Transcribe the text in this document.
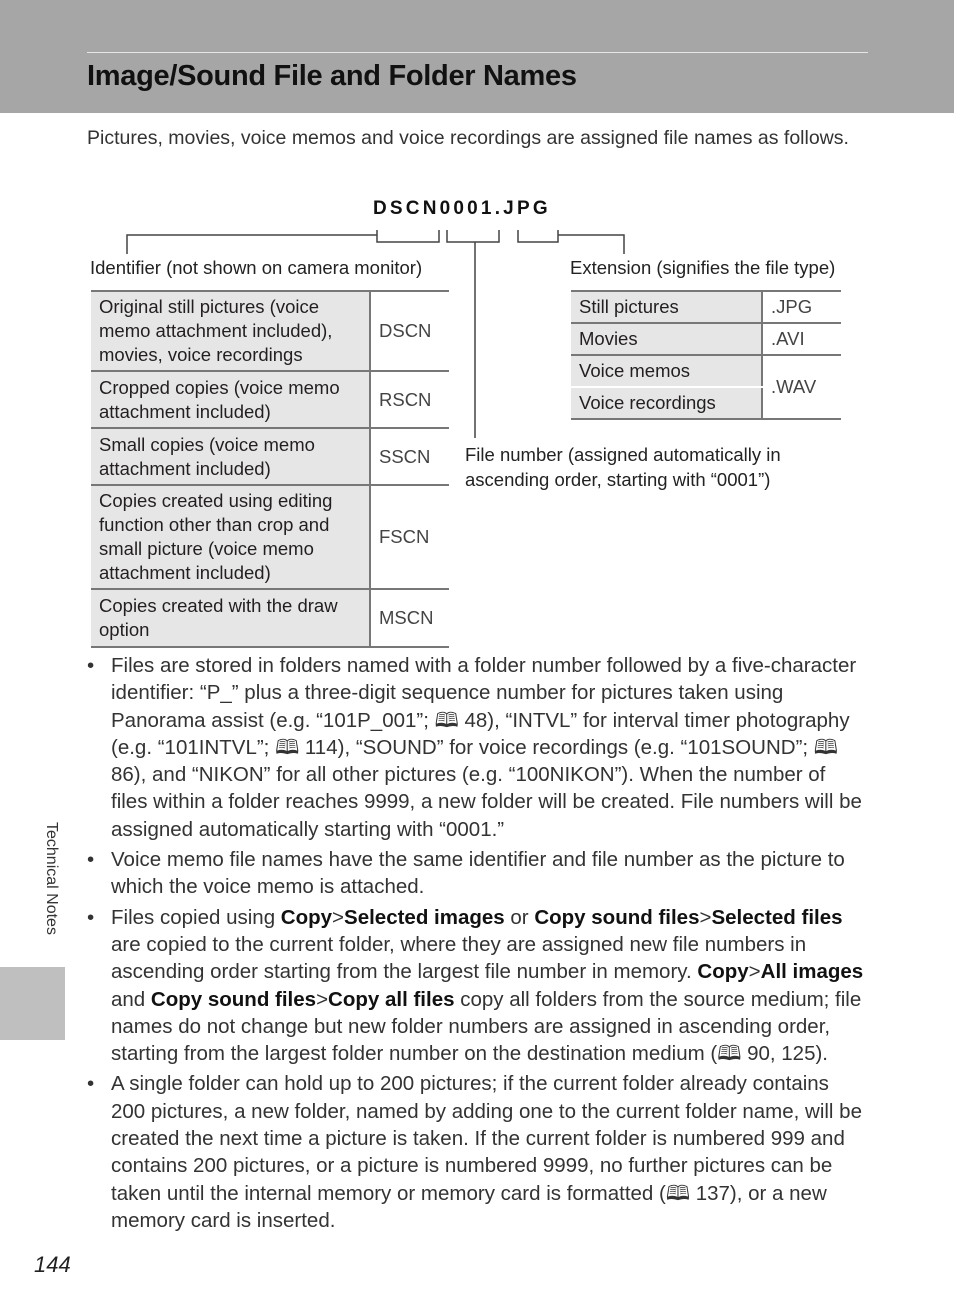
Image/Sound File and Folder Names

Pictures, movies, voice memos and voice recordings are assigned file names as follows.

DSCN0001.JPG

Identifier (not shown on camera monitor)	Extension (signifies the file type)

File number (assigned automatically in ascending order, starting with “0001”)

Original still pictures (voice memo attachment included), movies, voice recordings	DSCN
Cropped copies (voice memo attachment included)	RSCN
Small copies (voice memo attachment included)	SSCN
Copies created using editing function other than crop and small picture (voice memo attachment included)	FSCN
Copies created with the draw option	MSCN
Still pictures	.JPG
Movies	.AVI
Voice memos	.WAV
Voice recordings	
• Files are stored in folders named with a folder number followed by a five-character identifier: “P_” plus a three-digit sequence number for pictures taken using Panorama assist (e.g. “101P_001”; 🕮 48), “INTVL” for interval timer photography (e.g. “101INTVL”; 🕮 114), “SOUND” for voice recordings (e.g. “101SOUND”; 🕮 86), and “NIKON” for all other pictures (e.g. “100NIKON”). When the number of files within a folder reaches 9999, a new folder will be created. File numbers will be assigned automatically starting with “0001.”
• Voice memo file names have the same identifier and file number as the picture to which the voice memo is attached.
• Files copied using Copy>Selected images or Copy sound files>Selected files are copied to the current folder, where they are assigned new file numbers in ascending order starting from the largest file number in memory. Copy>All images and Copy sound files>Copy all files copy all folders from the source medium; file names do not change but new folder numbers are assigned in ascending order, starting from the largest folder number on the destination medium (🕮 90, 125).
• A single folder can hold up to 200 pictures; if the current folder already contains 200 pictures, a new folder, named by adding one to the current folder name, will be created the next time a picture is taken. If the current folder is numbered 999 and contains 200 pictures, or a picture is numbered 9999, no further pictures can be taken until the internal memory or memory card is formatted (🕮 137), or a new memory card is inserted.
Technical Notes
144
